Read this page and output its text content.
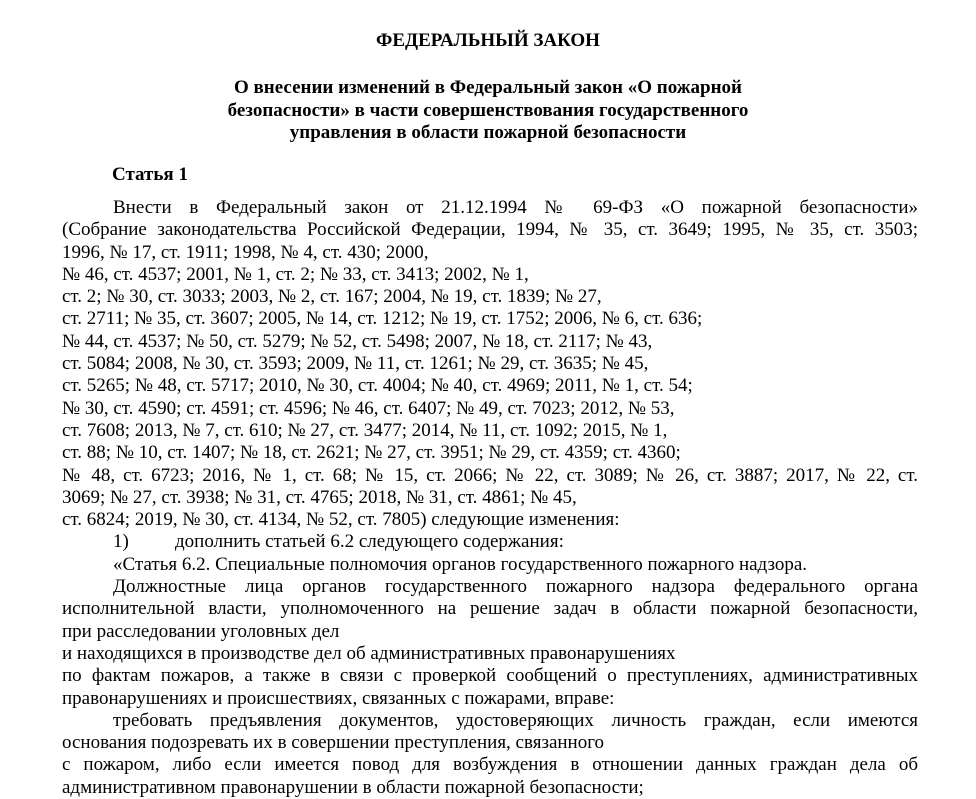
ФЕДЕРАЛЬНЫЙ ЗАКОН
О внесении изменений в Федеральный закон «О пожарной
безопасности» в части совершенствования государственного
управления в области пожарной безопасности
Статья 1
Внести в Федеральный закон от 21.12.1994 № 69-ФЗ «О пожарной безопасности»
(Собрание законодательства Российской Федерации, 1994, № 35, ст. 3649; 1995, № 35, ст. 3503;
1996, № 17, ст. 1911; 1998, № 4, ст. 430; 2000,
№ 46, ст. 4537; 2001, № 1, ст. 2; № 33, ст. 3413; 2002, № 1,
ст. 2; № 30, ст. 3033; 2003, № 2, ст. 167; 2004, № 19, ст. 1839; № 27,
ст. 2711; № 35, ст. 3607; 2005, № 14, ст. 1212; № 19, ст. 1752; 2006, № 6, ст. 636;
№ 44, ст. 4537; № 50, ст. 5279; № 52, ст. 5498; 2007, № 18, ст. 2117; № 43,
ст. 5084; 2008, № 30, ст. 3593; 2009, № 11, ст. 1261; № 29, ст. 3635; № 45,
ст. 5265; № 48, ст. 5717; 2010, № 30, ст. 4004; № 40, ст. 4969; 2011, № 1, ст. 54;
№ 30, ст. 4590; ст. 4591; ст. 4596; № 46, ст. 6407; № 49, ст. 7023; 2012, № 53,
ст. 7608; 2013, № 7, ст. 610; № 27, ст. 3477; 2014, № 11, ст. 1092; 2015, № 1,
ст. 88; № 10, ст. 1407; № 18, ст. 2621; № 27, ст. 3951; № 29, ст. 4359; ст. 4360;
№ 48, ст. 6723; 2016, № 1, ст. 68; № 15, ст. 2066; № 22, ст. 3089; № 26, ст. 3887; 2017, № 22, ст.
3069; № 27, ст. 3938; № 31, ст. 4765; 2018, № 31, ст. 4861; № 45,
ст. 6824; 2019, № 30, ст. 4134, № 52, ст. 7805) следующие изменения:
1) дополнить статьей 6.2 следующего содержания:
«Статья 6.2. Специальные полномочия органов государственного пожарного надзора.
Должностные лица органов государственного пожарного надзора федерального органа
исполнительной власти, уполномоченного на решение задач в области пожарной безопасности,
при расследовании уголовных дел
и находящихся в производстве дел об административных правонарушениях
по фактам пожаров, а также в связи с проверкой сообщений о преступлениях, административных
правонарушениях и происшествиях, связанных с пожарами, вправе:
требовать предъявления документов, удостоверяющих личность граждан, если имеются
основания подозревать их в совершении преступления, связанного
с пожаром, либо если имеется повод для возбуждения в отношении данных граждан дела об
административном правонарушении в области пожарной безопасности;
